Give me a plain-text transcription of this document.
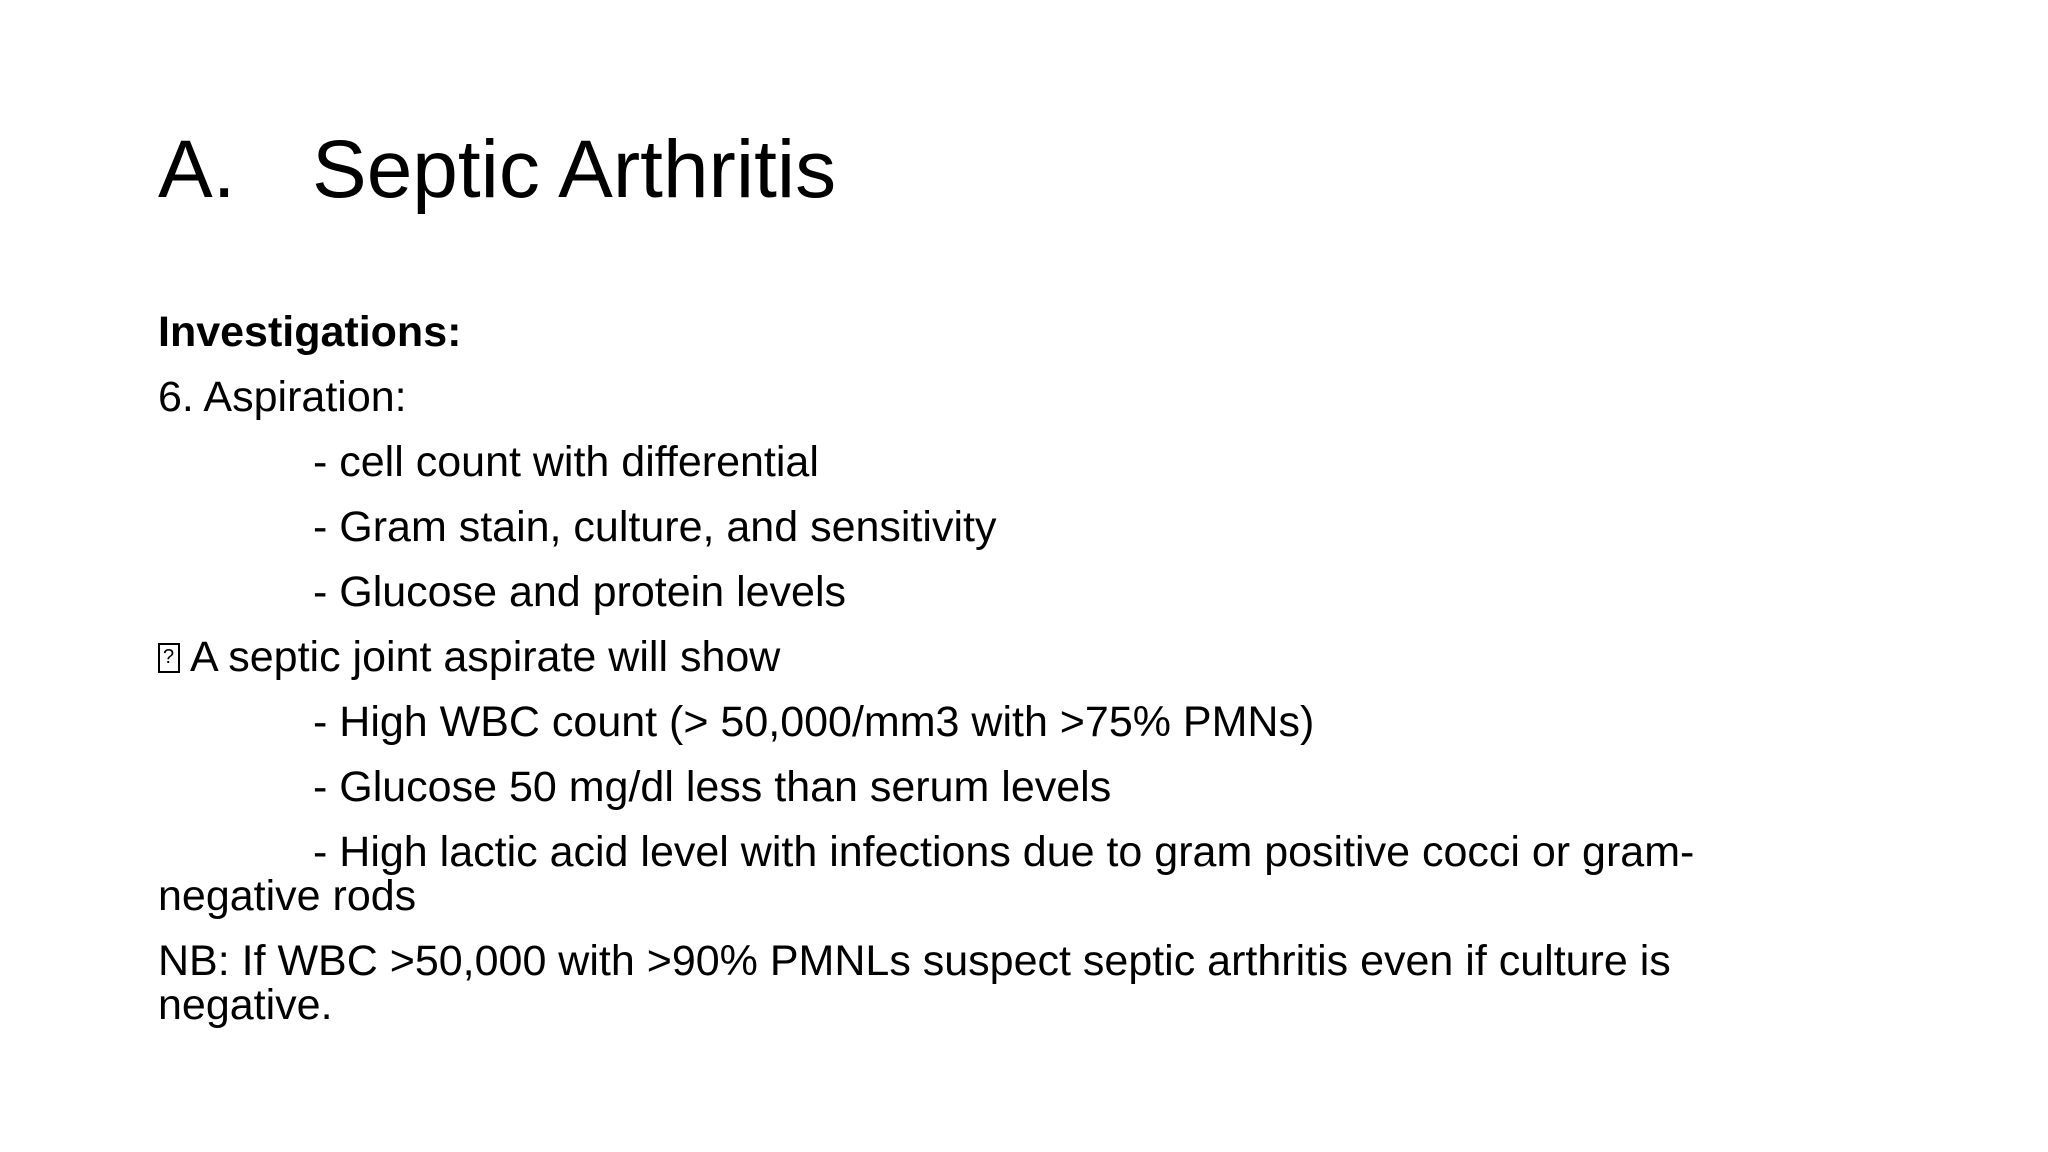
A. Septic Arthritis
Investigations:
6. Aspiration:
- cell count with differential
- Gram stain, culture, and sensitivity
- Glucose and protein levels
?A septic joint aspirate will show
- High WBC count (> 50,000/mm3 with >75% PMNs)
- Glucose 50 mg/dl less than serum levels
- High lactic acid level with infections due to gram positive cocci or gram-
negative rods
NB: If WBC >50,000 with >90% PMNLs suspect septic arthritis even if culture is
negative.
